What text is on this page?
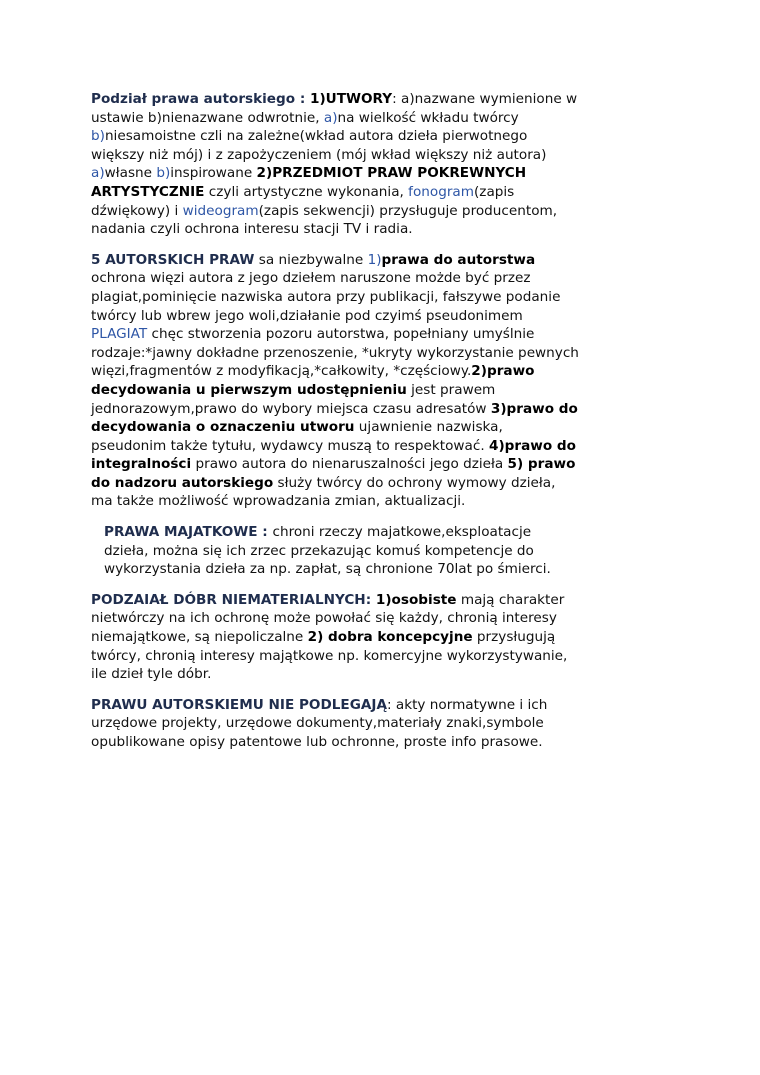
Podział prawa autorskiego : 1)UTWORY: a)nazwane wymienione w
ustawie b)nienazwane odwrotnie, a)na wielkość wkładu twórcy
b)niesamoistne czli na zależne(wkład autora dzieła pierwotnego
większy niż mój) i z zapożyczeniem (mój wkład większy niż autora)
a)własne b)inspirowane 2)PRZEDMIOT PRAW POKREWNYCH
ARTYSTYCZNIE czyli artystyczne wykonania, fonogram(zapis
dźwiękowy) i wideogram(zapis sekwencji) przysługuje producentom,
nadania czyli ochrona interesu stacji TV i radia.
5 AUTORSKICH PRAW sa niezbywalne 1)prawa do autorstwa
ochrona więzi autora z jego dziełem naruszone możde być przez
plagiat,pominięcie nazwiska autora przy publikacji, fałszywe podanie
twórcy lub wbrew jego woli,działanie pod czyimś pseudonimem
PLAGIAT chęc stworzenia pozoru autorstwa, popełniany umyślnie
rodzaje:*jawny dokładne przenoszenie, *ukryty wykorzystanie pewnych
więzi,fragmentów z modyfikacją,*całkowity, *częściowy.2)prawo
decydowania u pierwszym udostępnieniu jest prawem
jednorazowym,prawo do wybory miejsca czasu adresatów 3)prawo do
decydowania o oznaczeniu utworu ujawnienie nazwiska,
pseudonim także tytułu, wydawcy muszą to respektować. 4)prawo do
integralności prawo autora do nienaruszalności jego dzieła 5) prawo
do nadzoru autorskiego służy twórcy do ochrony wymowy dzieła,
ma także możliwość wprowadzania zmian, aktualizacji.
PRAWA MAJATKOWE : chroni rzeczy majatkowe,eksploatacje
dzieła, można się ich zrzec przekazując komuś kompetencje do
wykorzystania dzieła za np. zapłat, są chronione 70lat po śmierci.
PODZAIAŁ DÓBR NIEMATERIALNYCH: 1)osobiste mają charakter
nietwórczy na ich ochronę może powołać się każdy, chronią interesy
niemajątkowe, są niepoliczalne 2) dobra koncepcyjne przysługują
twórcy, chronią interesy majątkowe np. komercyjne wykorzystywanie,
ile dzieł tyle dóbr.
PRAWU AUTORSKIEMU NIE PODLEGAJĄ: akty normatywne i ich
urzędowe projekty, urzędowe dokumenty,materiały znaki,symbole
opublikowane opisy patentowe lub ochronne, proste info prasowe.
